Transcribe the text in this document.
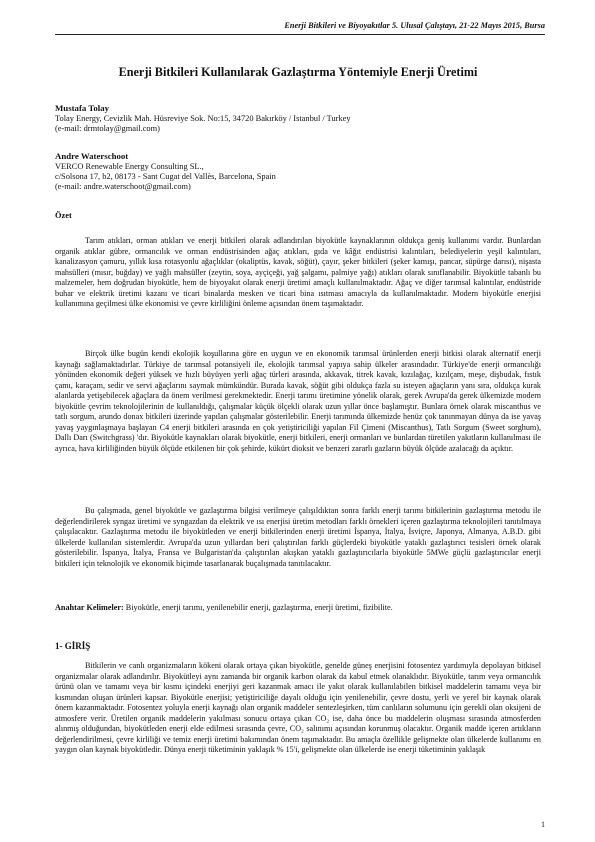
Enerji Bitkileri ve Biyoyakıtlar 5. Ulusal Çalıştayı, 21-22 Mayıs 2015, Bursa
Enerji Bitkileri Kullanılarak Gazlaştırma Yöntemiyle Enerji Üretimi
Mustafa Tolay
Tolay Energy, Cevizlik Mah. Hüsreviye Sok. No:15, 34720 Bakırköy / Istanbul / Turkey
(e-mail: drmtolay@gmail.com)
Andre Waterschoot
VERCO Renewable Energy Consulting SL.,
c/Solsona 17, b2, 08173 - Sant Cugat del Vallès, Barcelona, Spain
(e-mail: andre.waterschoot@gmail.com)
Özet

Tarım atıkları, orman atıkları ve enerji bitkileri olarak adlandırılan biyokütle kaynaklarının oldukça geniş kullanımı vardır. Bunlardan organik atıklar gübre, ormancılık ve orman endüstrisinden ağaç atıkları, gıda ve kâğıt endüstrisi kalıntıları, belediyelerin yeşil kalıntıları, kanalizasyon çamuru, yıllık kısa rotasyonlu ağaçlıklar (okaliptüs, kavak, söğüt), çayır, şeker bitkileri (şeker kamışı, pancar, süpürge darısı), nişasta mahsülleri (mısır, buğday) ve yağlı mahsüller (zeytin, soya, ayçiçeği, yağ şalgamı, palmiye yağı) atıkları olarak sınıflanabilir. Biyokütle tabanlı bu malzemeler, hem doğrudan biyokütle, hem de biyoyakıt olarak enerji üretimi amaçlı kullanılmaktadır. Ağaç ve diğer tarımsal kalıntılar, endüstride buhar ve elektrik üretimi kazanı ve ticari binalarda mesken ve ticari bina ısıtması amacıyla da kullanılmaktadır. Modern biyokütle enerjisi kullanımına geçilmesi ülke ekonomisi ve çevre kirliliğini önleme açısından önem taşımaktadır.

Birçok ülke bugün kendi ekolojik koşullarına göre en uygun ve en ekonomik tarımsal ürünlerden enerji bitkisi olarak alternatif enerji kaynağı sağlamaktadırlar. Türkiye de tarımsal potansiyeli ile, ekolojik tarımsal yapıya sahip ülkeler arasındadır. Türkiye'de enerji ormancılığı yönünden ekonomik değeri yüksek ve hızlı büyüyen yerli ağaç türleri arasında, akkavak, titrek kavak, kızılağaç, kızılçam, meşe, dişbudak, fıstık çamı, karaçam, sedir ve servi ağaçlarını saymak mümkündür. Burada kavak, söğüt gibi oldukça fazla su isteyen ağaçların yanı sıra, oldukça kurak alanlarda yetişebilecek ağaçlara da önem verilmesi gerekmektedir. Enerji tarımı üretimine yönelik olarak, gerek Avrupa'da gerek ülkemizde modern biyokütle çevrim teknolojilerinin de kullanıldığı, çalışmalar küçük ölçekli olarak uzun yıllar önce başlamıştır. Bunlara örnek olarak miscanthus ve tatlı sorgum, arundo donax bitkileri üzerinde yapılan çalışmalar gösterilebilir. Enerji tarımında ülkemizde henüz çok tanınmayan dünya da ise yavaş yavaş yaygınlaşmaya başlayan C4 enerji bitkileri arasında en çok yetiştiriciliği yapılan Fil Çimeni (Miscanthus), Tatlı Sorgum (Sweet sorghum), Dallı Darı (Switchgrass) 'dır. Biyokütle kaynakları olarak biyokütle, enerji bitkileri, enerji ormanları ve bunlardan türetilen yakıtların kullanılması ile ayrıca, hava kirliliğinden büyük ölçüde etkilenen bir çok şehirde, kükürt dioksit ve benzeri zararlı gazların büyük ölçüde azalacağı da açıktır.

Bu çalışmada, genel biyokütle ve gazlaştırma bilgisi verilmeye çalışıldıktan sonra farklı enerji tarımı bitkilerinin gazlaştırma metodu ile değerlendirilerek syngaz üretimi ve syngazdan da elektrik ve ısı enerjisi üretim metodları farklı örnekleri içeren gazlaştırma teknolojileri tanıtılmaya çalışılacaktır. Gazlaştırma metodu ile biyokütleden ve enerji bitkilerinden enerji üretimi İspanya, İtalya, İsviçre, Japonya, Almanya, A.B.D. gibi ülkelerde kullanılan sistemlerdir. Avrupa'da uzun yıllardan beri çalıştırılan farklı güçlerdeki biyokütle yataklı gazlaştırıcı tesisleri örnek olarak gösterilebilir. İspanya, İtalya, Fransa ve Bulgaristan'da çalıştırılan akışkan yataklı gazlaştırıcılarla biyokütle 5MWe güçlü gazlaştırıcılar enerji bitkileri için teknolojik ve ekonomik biçimde tasarlanarak buçalışmada tanıtılacaktır.

Anahtar Kelimeler: Biyokütle, enerji tarımı, yenilenebilir enerji, gazlaştırma, enerji üretimi, fizibilite.
1- GİRİŞ

Bitkilerin ve canlı organizmaların kökeni olarak ortaya çıkan biyokütle, genelde güneş enerjisini fotosentez yardımıyla depolayan bitkisel organizmalar olarak adlandırılır. Biyokütleyi aynı zamanda bir organik karbon olarak da kabul etmek olanaklıdır. Biyokütle, tarım veya ormancılık ürünü olan ve tamamı veya bir kısmı içindeki enerjiyi geri kazanmak amacı ile yakıt olarak kullanılabilen bitkisel maddelerin tamamı veya bir kısmından oluşan ürünleri kapsar. Biyokütle enerjisi; yetiştiriciliğe dayalı olduğu için yenilenebilir, çevre dostu, yerli ve yerel bir kaynak olarak önem kazanmaktadır. Fotosentez yoluyla enerji kaynağı olan organik maddeler sentezleşirken, tüm canlıların solumunu için gerekli olan oksijeni de atmosfere verir. Üretilen organik maddelerin yakılması sonucu ortaya çıkan CO₂ ise, daha önce bu maddelerin oluşması sırasında atmosferden alınmış olduğundan, biyokütleden enerji elde edilmesi sırasında çevre, CO₂ salınımı açısından korunmuş olacaktır. Organik madde içeren artıkların değerlendirilmesi, çevre kirliliği ve temiz enerji üretimi bakımından önem taşımaktadır. Bu amaçla özellikle gelişmekte olan ülkelerde kullanımı en yaygın olan kaynak biyokütledir. Dünya enerji tüketiminin yaklaşık % 15'i, gelişmekte olan ülkelerde ise enerji tüketiminin yaklaşık

1
